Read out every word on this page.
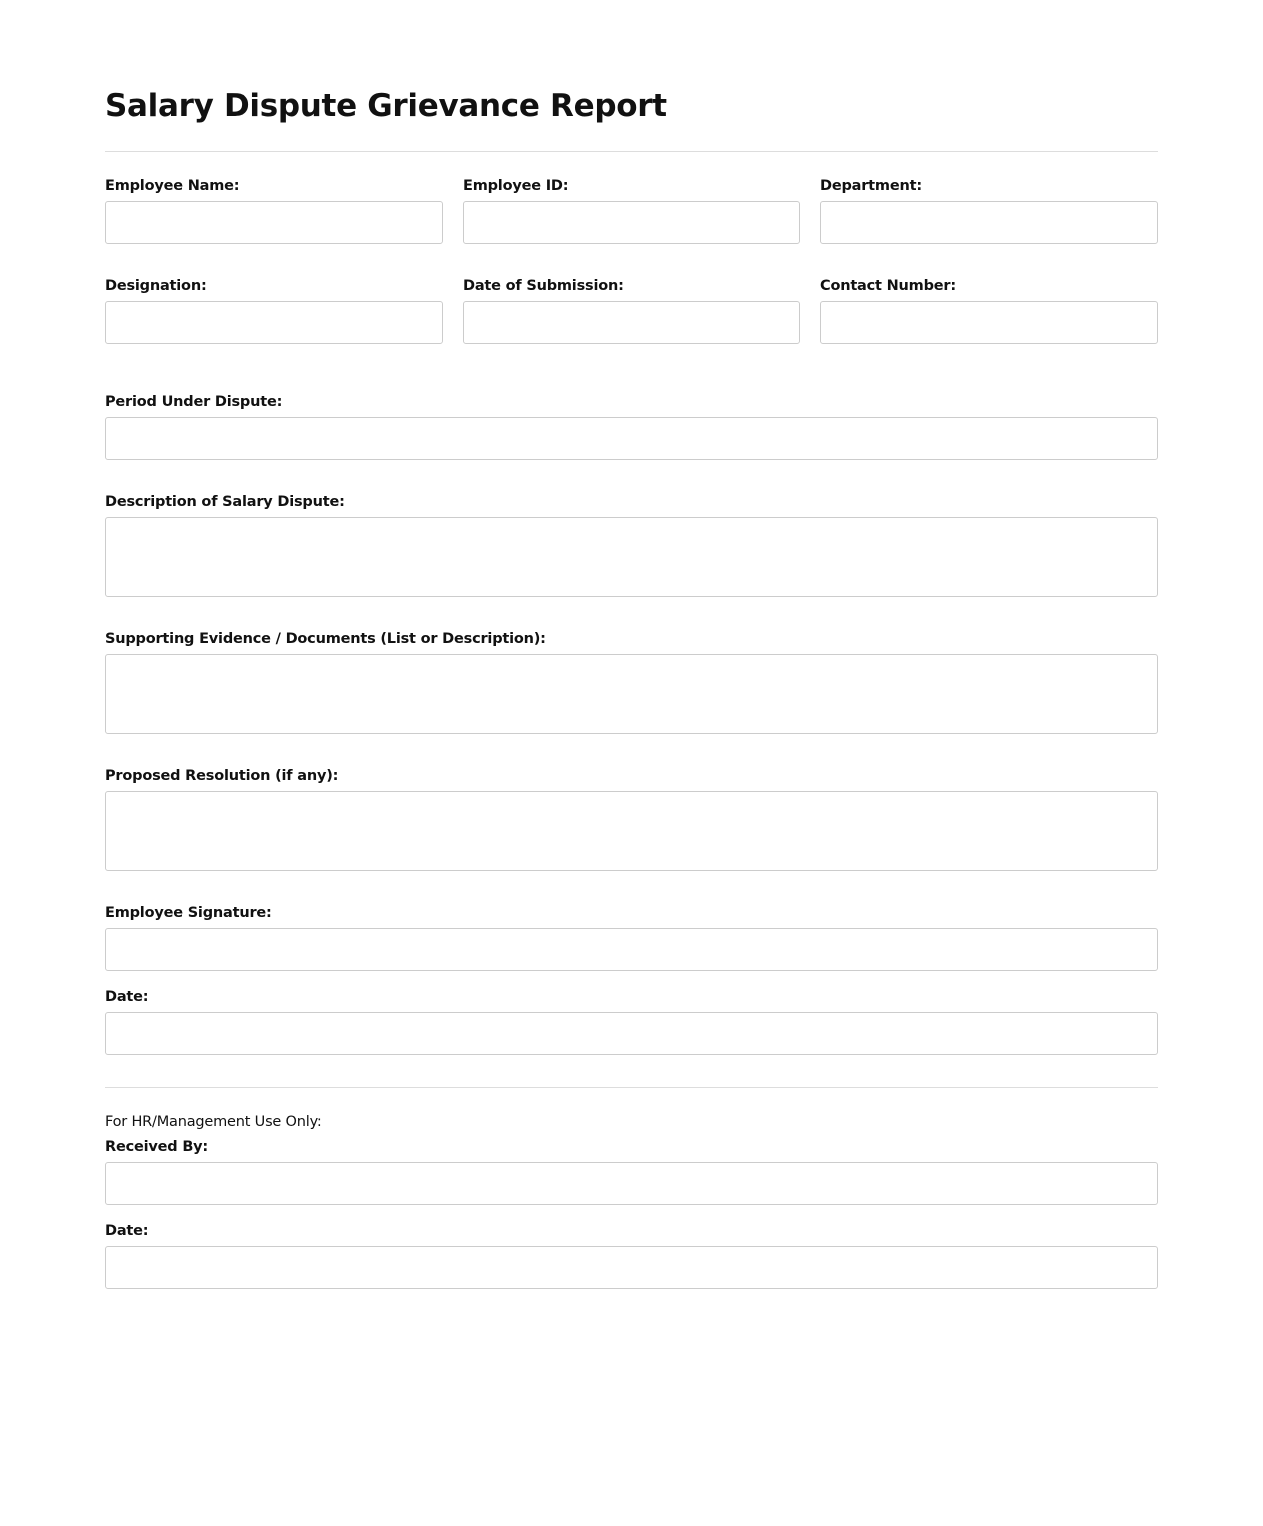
Salary Dispute Grievance Report
Employee Name:	Employee ID:	Department:
Designation:	Date of Submission:	Contact Number:
Period Under Dispute:
Description of Salary Dispute:
Supporting Evidence / Documents (List or Description):
Proposed Resolution (if any):
Employee Signature:
Date:
For HR/Management Use Only:
Received By:
Date:
